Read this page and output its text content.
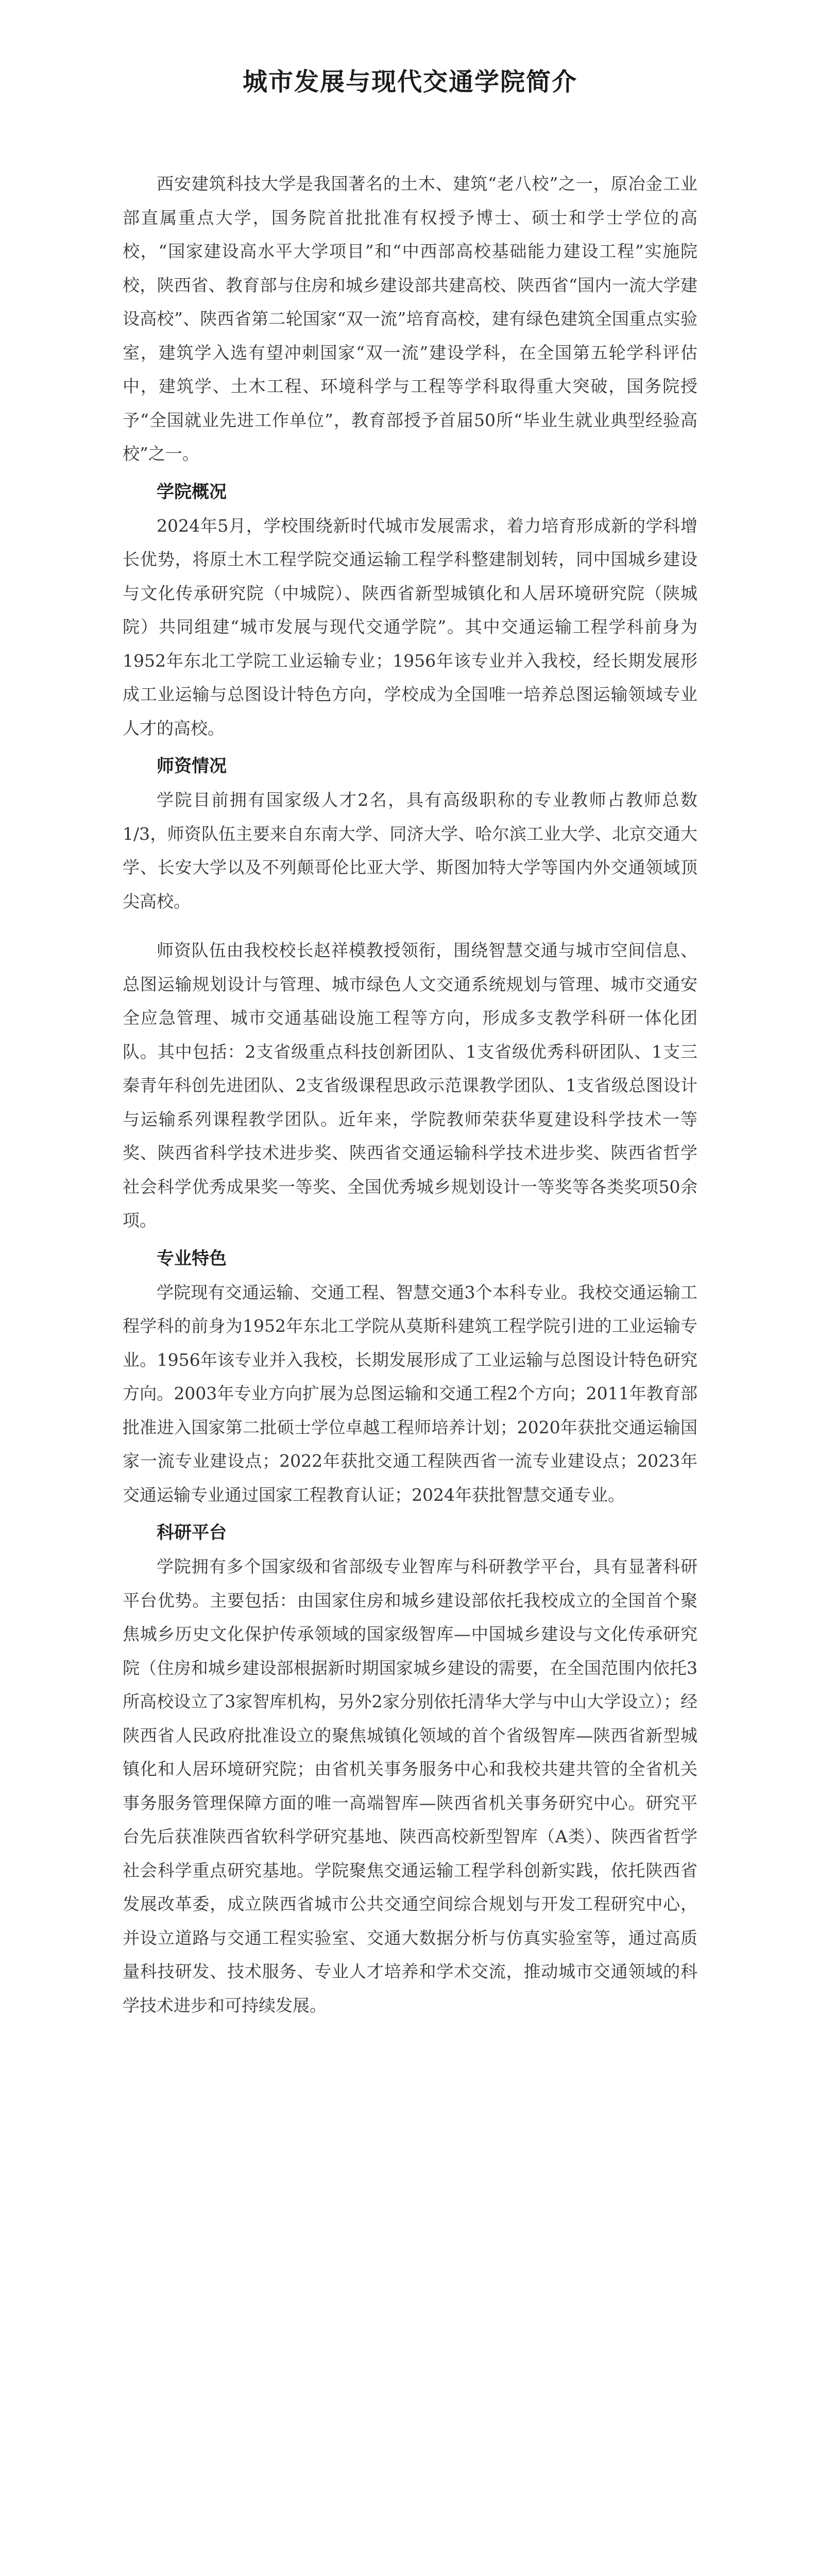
城市发展与现代交通学院简介

西安建筑科技大学是我国著名的土木、建筑“老八校”之一，原冶金工业部直属重点大学，国务院首批批准有权授予博士、硕士和学士学位的高校，“国家建设高水平大学项目”和“中西部高校基础能力建设工程”实施院校，陕西省、教育部与住房和城乡建设部共建高校、陕西省“国内一流大学建设高校”、陕西省第二轮国家“双一流”培育高校，建有绿色建筑全国重点实验室，建筑学入选有望冲刺国家“双一流”建设学科，在全国第五轮学科评估中，建筑学、土木工程、环境科学与工程等学科取得重大突破，国务院授予“全国就业先进工作单位”，教育部授予首届50所“毕业生就业典型经验高校”之一。

学院概况

2024年5月，学校围绕新时代城市发展需求，着力培育形成新的学科增长优势，将原土木工程学院交通运输工程学科整建制划转，同中国城乡建设与文化传承研究院（中城院）、陕西省新型城镇化和人居环境研究院（陕城院）共同组建“城市发展与现代交通学院”。其中交通运输工程学科前身为1952年东北工学院工业运输专业；1956年该专业并入我校，经长期发展形成工业运输与总图设计特色方向，学校成为全国唯一培养总图运输领域专业人才的高校。

师资情况

学院目前拥有国家级人才2名，具有高级职称的专业教师占教师总数1/3，师资队伍主要来自东南大学、同济大学、哈尔滨工业大学、北京交通大学、长安大学以及不列颠哥伦比亚大学、斯图加特大学等国内外交通领域顶尖高校。

师资队伍由我校校长赵祥模教授领衔，围绕智慧交通与城市空间信息、总图运输规划设计与管理、城市绿色人文交通系统规划与管理、城市交通安全应急管理、城市交通基础设施工程等方向，形成多支教学科研一体化团队。其中包括：2支省级重点科技创新团队、1支省级优秀科研团队、1支三秦青年科创先进团队、2支省级课程思政示范课教学团队、1支省级总图设计与运输系列课程教学团队。近年来，学院教师荣获华夏建设科学技术一等奖、陕西省科学技术进步奖、陕西省交通运输科学技术进步奖、陕西省哲学社会科学优秀成果奖一等奖、全国优秀城乡规划设计一等奖等各类奖项50余项。

专业特色

学院现有交通运输、交通工程、智慧交通3个本科专业。我校交通运输工程学科的前身为1952年东北工学院从莫斯科建筑工程学院引进的工业运输专业。1956年该专业并入我校，长期发展形成了工业运输与总图设计特色研究方向。2003年专业方向扩展为总图运输和交通工程2个方向；2011年教育部批准进入国家第二批硕士学位卓越工程师培养计划；2020年获批交通运输国家一流专业建设点；2022年获批交通工程陕西省一流专业建设点；2023年交通运输专业通过国家工程教育认证；2024年获批智慧交通专业。

科研平台

学院拥有多个国家级和省部级专业智库与科研教学平台，具有显著科研平台优势。主要包括：由国家住房和城乡建设部依托我校成立的全国首个聚焦城乡历史文化保护传承领域的国家级智库—中国城乡建设与文化传承研究院（住房和城乡建设部根据新时期国家城乡建设的需要，在全国范围内依托3所高校设立了3家智库机构，另外2家分别依托清华大学与中山大学设立）；经陕西省人民政府批准设立的聚焦城镇化领域的首个省级智库—陕西省新型城镇化和人居环境研究院；由省机关事务服务中心和我校共建共管的全省机关事务服务管理保障方面的唯一高端智库—陕西省机关事务研究中心。研究平台先后获准陕西省软科学研究基地、陕西高校新型智库（A类）、陕西省哲学社会科学重点研究基地。学院聚焦交通运输工程学科创新实践，依托陕西省发展改革委，成立陕西省城市公共交通空间综合规划与开发工程研究中心，并设立道路与交通工程实验室、交通大数据分析与仿真实验室等，通过高质量科技研发、技术服务、专业人才培养和学术交流，推动城市交通领域的科学技术进步和可持续发展。
